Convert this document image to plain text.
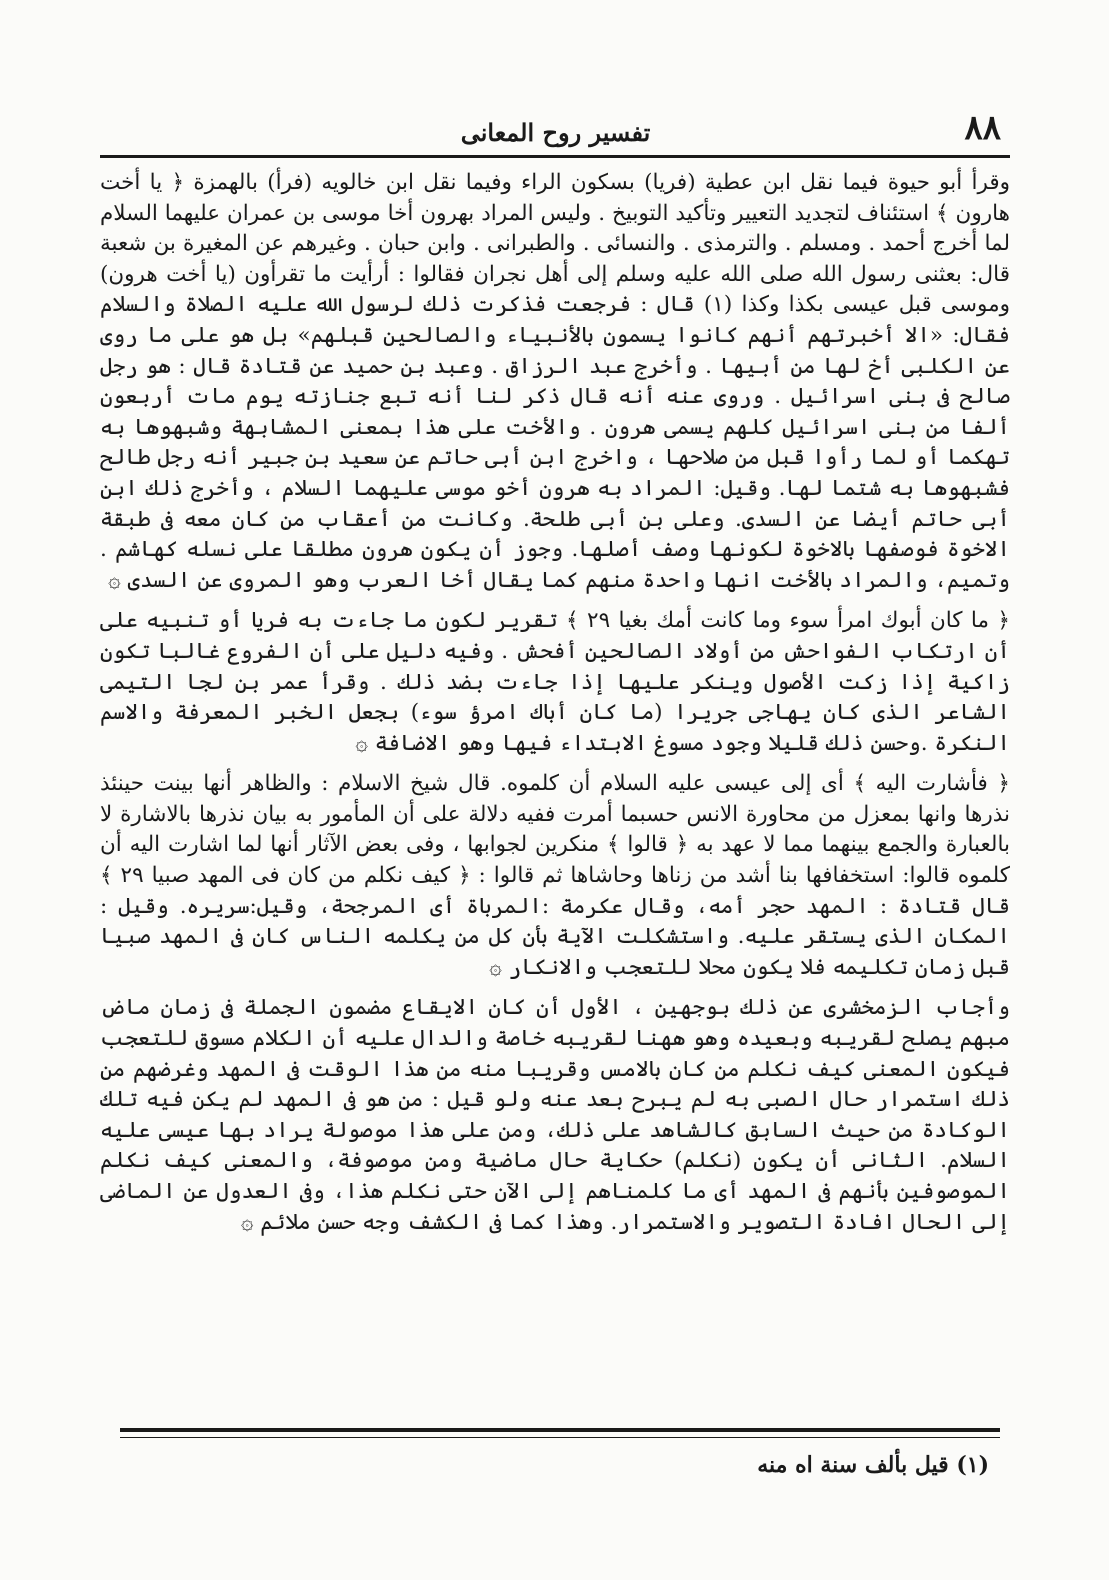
٨٨
تفسير روح المعانى

وقرأ أبو حيوة فيما نقل ابن عطية (فريا) بسكون الراء وفيما نقل ابن خالويه (فرأ) بالهمزة ﴿ يا أخت هارون ﴾ استئناف لتجديد التعيير وتأكيد التوبيخ . وليس المراد بهرون أخا موسى بن عمران عليهما السلام لما أخرج أحمد . ومسلم . والترمذى . والنسائى . والطبرانى . وابن حبان . وغيرهم عن المغيرة بن شعبة قال: بعثنى رسول الله صلى الله عليه وسلم إلى أهل نجران فقالوا : أرأيت ما تقرأون (يا أخت هرون) وموسى قبل عيسى بكذا وكذا (١) قال : فرجعت فذكرت ذلك لرسول الله عليه الصلاة والسلام فقال: «الا أخبرتهم أنهم كانوا يسمون بالأنبياء والصالحين قبلهم» بل هو على ما روى عن الكلبى أخ لها من أبيها . وأخرج عبد الرزاق . وعبد بن حميد عن قتادة قال : هو رجل صالح فى بنى اسرائيل . وروى عنه أنه قال ذكر لنا أنه تبع جنازته يوم مات أربعون ألفا من بنى اسرائيل كلهم يسمى هرون . والأخت على هذا بمعنى المشابهة وشبهوها به تهكما أو لما رأوا قبل من صلاحها ، واخرج ابن أبى حاتم عن سعيد بن جبير أنه رجل طالح فشبهوها به شتما لها. وقيل: المراد به هرون أخو موسى عليهما السلام ، وأخرج ذلك ابن أبى حاتم أيضا عن السدى. وعلى بن أبى طلحة. وكانت من أعقاب من كان معه فى طبقة الاخوة فوصفها بالاخوة لكونها وصف أصلها. وجوز أن يكون هرون مطلقا على نسله كهاشم . وتميم، والمراد بالأخت انها واحدة منهم كما يقال أخا العرب وهو المروى عن السدى ۞

﴿ ما كان أبوك امرأ سوء وما كانت أمك بغيا ٢٩ ﴾ تقرير لكون ما جاءت به فريا أو تنبيه على أن ارتكاب الفواحش من أولاد الصالحين أفحش . وفيه دليل على أن الفروع غالبا تكون زاكية إذا زكت الأصول وينكر عليها إذا جاءت بضد ذلك . وقرأ عمر بن لجا التيمى الشاعر الذى كان يهاجى جريرا (ما كان أباك امرؤ سوء) بجعل الخبر المعرفة والاسم النكرة .وحسن ذلك قليلا وجود مسوغ الابتداء فيها وهو الاضافة ۞

﴿ فأشارت اليه ﴾ أى إلى عيسى عليه السلام أن كلموه. قال شيخ الاسلام : والظاهر أنها بينت حينئذ نذرها وانها بمعزل من محاورة الانس حسبما أمرت ففيه دلالة على أن المأمور به بيان نذرها بالاشارة لا بالعبارة والجمع بينهما مما لا عهد به ﴿ قالوا ﴾ منكرين لجوابها ، وفى بعض الآثار أنها لما اشارت اليه أن كلموه قالوا: استخفافها بنا أشد من زناها وحاشاها ثم قالوا : ﴿ كيف نكلم من كان فى المهد صبيا ٢٩ ﴾ قال قتادة : المهد حجر أمه، وقال عكرمة :المرباة أى المرجحة، وقيل:سريره. وقيل : المكان الذى يستقر عليه. واستشكلت الآية بأن كل من يكلمه الناس كان فى المهد صبيا قبل زمان تكليمه فلا يكون محلا للتعجب والانكار ۞

وأجاب الزمخشرى عن ذلك بوجهين ، الأول أن كان الايقاع مضمون الجملة فى زمان ماض مبهم يصلح لقريبه وبعيده وهو ههنا لقريبه خاصة والدال عليه أن الكلام مسوق للتعجب فيكون المعنى كيف نكلم من كان بالامس وقريبا منه من هذا الوقت فى المهد وغرضهم من ذلك استمرار حال الصبى به لم يبرح بعد عنه ولو قيل : من هو فى المهد لم يكن فيه تلك الوكادة من حيث السابق كالشاهد على ذلك، ومن على هذا موصولة يراد بها عيسى عليه السلام. الثانى أن يكون (نكلم) حكاية حال ماضية ومن موصوفة، والمعنى كيف نكلم الموصوفين بأنهم فى المهد أى ما كلمناهم إلى الآن حتى نكلم هذا، وفى العدول عن الماضى إلى الحال افادة التصوير والاستمرار. وهذا كما فى الكشف وجه حسن ملائم ۞

(١) قيل بألف سنة اه منه
